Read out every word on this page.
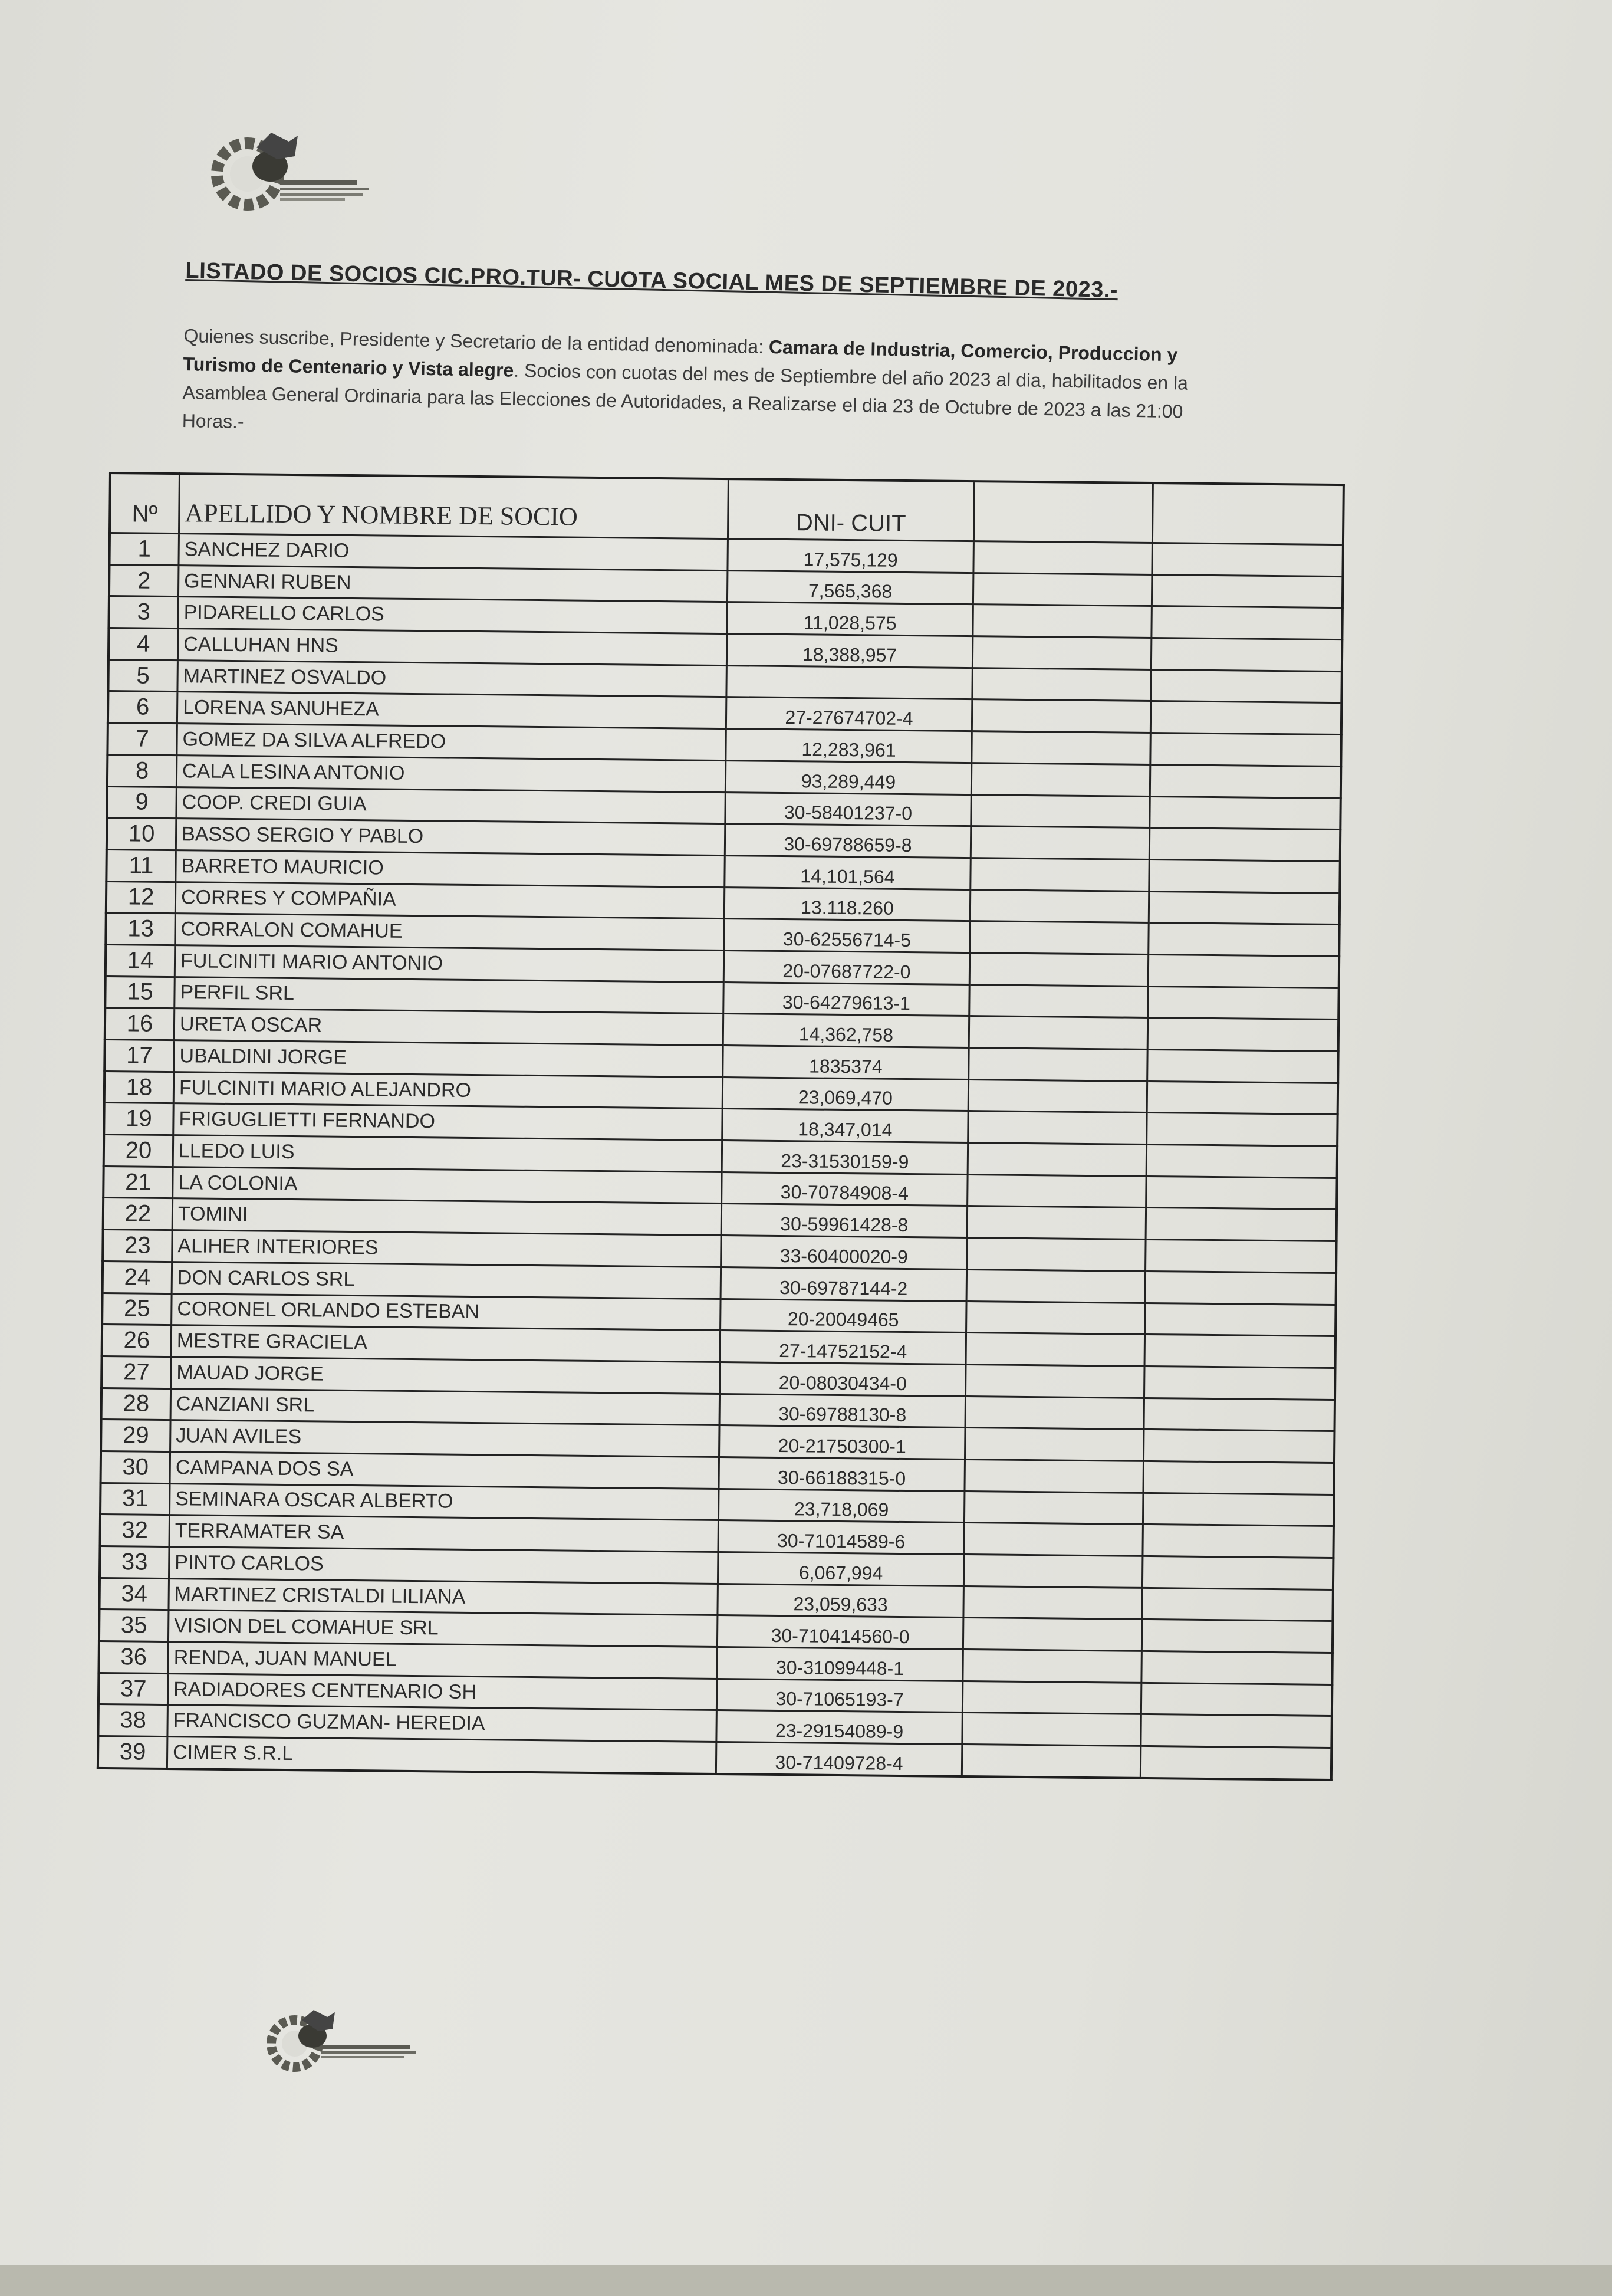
LISTADO DE SOCIOS CIC.PRO.TUR- CUOTA SOCIAL MES DE SEPTIEMBRE DE 2023.-
Quienes suscribe, Presidente y Secretario de la entidad denominada: Camara de Industria, Comercio, Produccion y Turismo de Centenario y Vista alegre. Socios con cuotas del mes de Septiembre del año 2023 al dia, habilitados en la Asamblea General Ordinaria para las Elecciones de Autoridades, a Realizarse el dia 23 de Octubre de 2023 a las 21:00 Horas.-
Nº	APELLIDO Y NOMBRE DE SOCIO	DNI- CUIT		
1	SANCHEZ DARIO	17,575,129		
2	GENNARI RUBEN	7,565,368		
3	PIDARELLO CARLOS	11,028,575		
4	CALLUHAN HNS	18,388,957		
5	MARTINEZ OSVALDO			
6	LORENA SANUHEZA	27-27674702-4		
7	GOMEZ DA SILVA ALFREDO	12,283,961		
8	CALA LESINA ANTONIO	93,289,449		
9	COOP. CREDI GUIA	30-58401237-0		
10	BASSO SERGIO Y PABLO	30-69788659-8		
11	BARRETO MAURICIO	14,101,564		
12	CORRES Y COMPAÑIA	13.118.260		
13	CORRALON COMAHUE	30-62556714-5		
14	FULCINITI MARIO ANTONIO	20-07687722-0		
15	PERFIL SRL	30-64279613-1		
16	URETA OSCAR	14,362,758		
17	UBALDINI JORGE	1835374		
18	FULCINITI MARIO ALEJANDRO	23,069,470		
19	FRIGUGLIETTI FERNANDO	18,347,014		
20	LLEDO LUIS	23-31530159-9		
21	LA COLONIA	30-70784908-4		
22	TOMINI	30-59961428-8		
23	ALIHER INTERIORES	33-60400020-9		
24	DON CARLOS SRL	30-69787144-2		
25	CORONEL ORLANDO ESTEBAN	20-20049465		
26	MESTRE GRACIELA	27-14752152-4		
27	MAUAD JORGE	20-08030434-0		
28	CANZIANI SRL	30-69788130-8		
29	JUAN AVILES	20-21750300-1		
30	CAMPANA DOS SA	30-66188315-0		
31	SEMINARA OSCAR ALBERTO	23,718,069		
32	TERRAMATER SA	30-71014589-6		
33	PINTO CARLOS	6,067,994		
34	MARTINEZ CRISTALDI LILIANA	23,059,633		
35	VISION DEL COMAHUE SRL	30-710414560-0		
36	RENDA, JUAN MANUEL	30-31099448-1		
37	RADIADORES CENTENARIO SH	30-71065193-7		
38	FRANCISCO GUZMAN- HEREDIA	23-29154089-9		
39	CIMER S.R.L	30-71409728-4		
